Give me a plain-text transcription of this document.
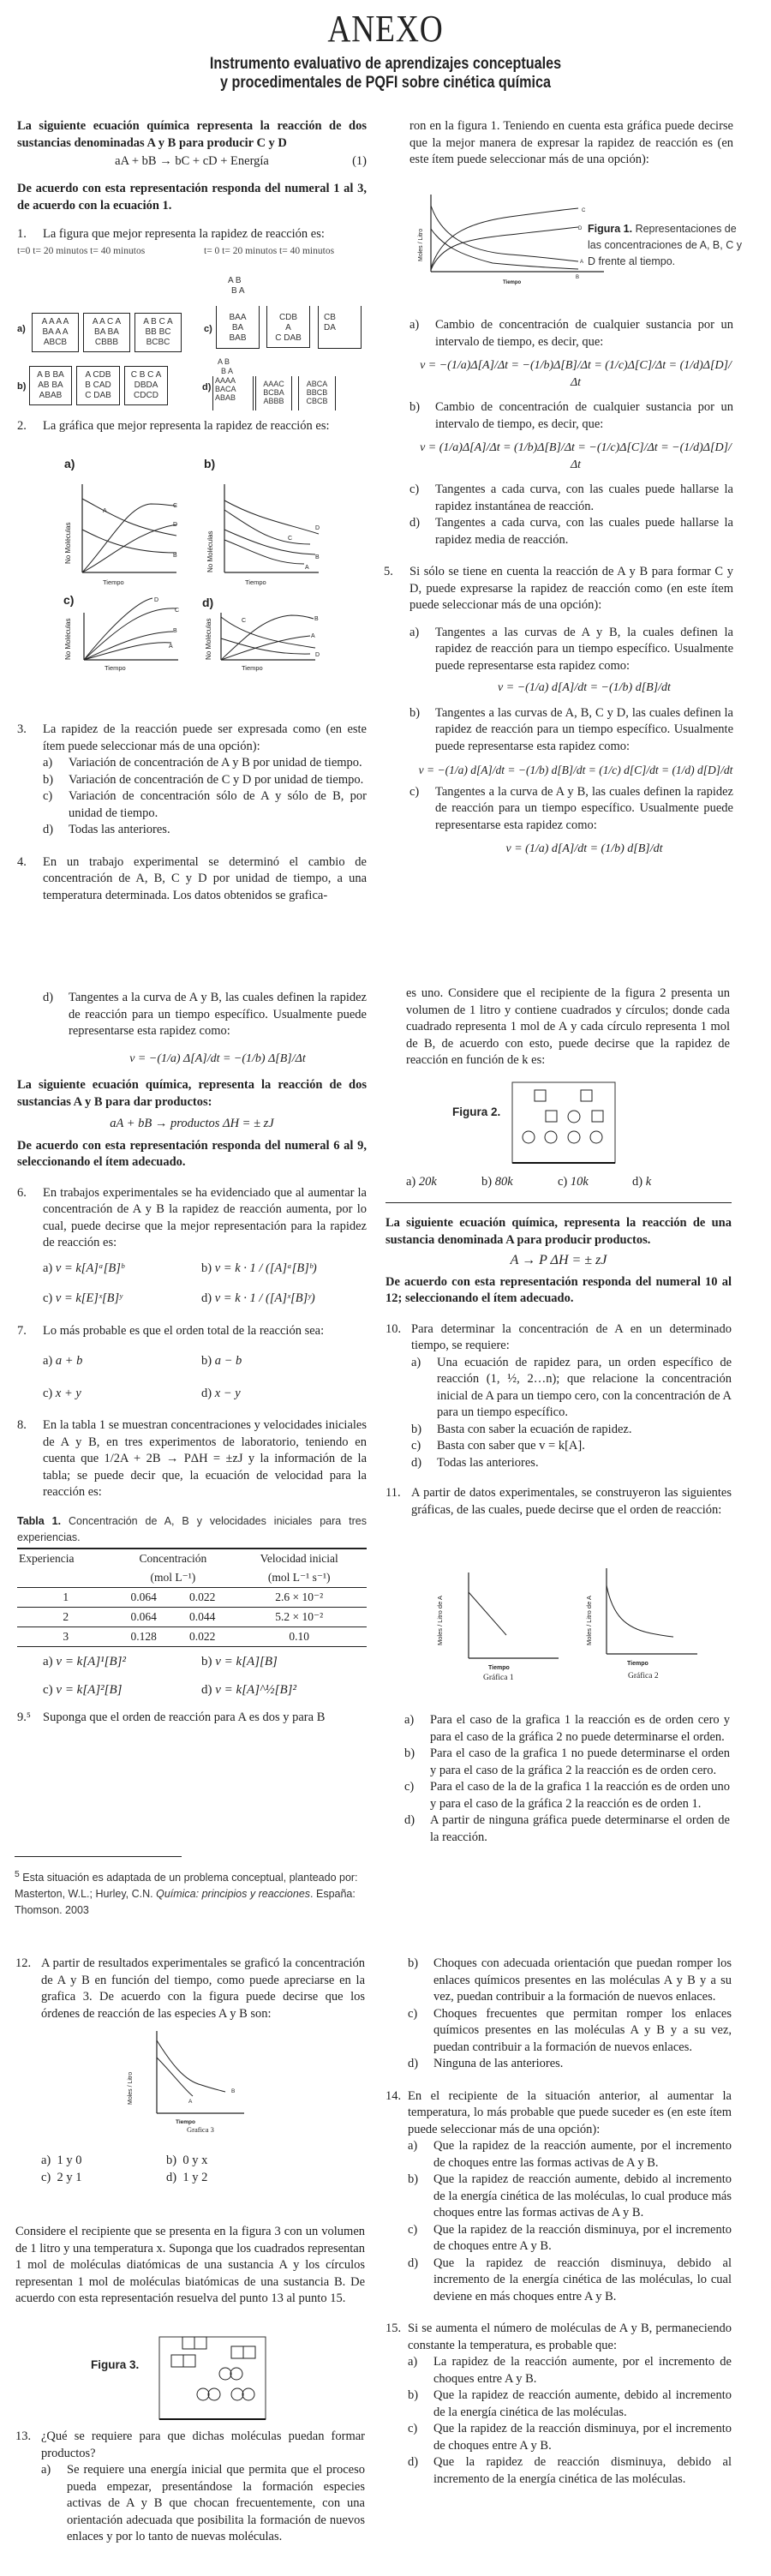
ANEXO
Instrumento evaluativo de aprendizajes conceptuales
y procedimentales de PQFI sobre cinética química

La siguiente ecuación química representa la reacción de dos sustancias denominadas A y B para producir C y D

aA + bB → bC + cD + Energía	(1)

De acuerdo con esta representación responda del numeral 1 al 3, de acuerdo con la ecuación 1.

1. La figura que mejor representa la rapidez de reacción es:
t=0 t= 20 minutos t= 40 minutos	t= 0 t= 20 minutos t= 40 minutos
a)
A A A A
BA A A
ABCB
A A C A
BA BA
CBBB
A B C A
BB BC
BCBC
b)
A B BA
AB BA
ABAB
A CDB
B CAD
C DAB
C B C A
DBDA
CDCD
A B
B A
c)
BAA
BA
BAB
CDB
A
C DAB
CB
DA
A B
B A
d)
AAAA
BACA
ABAB
AAAC
BCBA
ABBB
ABCA
BBCB
CBCB
2. La gráfica que mejor representa la rapidez de reacción es:
a)
A
C
D
B
Tiempo
No Moléculas
b)
D
C
B
A
Tiempo
No Moléculas
c)	D
C
B
A
Tiempo
No Moléculas
d)
C	B
A
D
Tiempo
No Moléculas
3. La rapidez de la reacción puede ser expresada como (en este ítem puede seleccionar más de una opción):
a) Variación de concentración de A y B por unidad de tiempo.
b) Variación de concentración de C y D por unidad de tiempo.
c) Variación de concentración sólo de A y sólo de B, por unidad de tiempo.
d) Todas las anteriores.
4. En un trabajo experimental se determinó el cambio de concentración de A, B, C y D por unidad de tiempo, a una temperatura determinada. Los datos obtenidos se grafica-

ron en la figura 1. Teniendo en cuenta esta gráfica puede decirse que la mejor manera de expresar la rapidez de reacción es (en este ítem puede seleccionar más de una opción):

C
D
A
B
Tiempo
Moles / Litro	Figura 1. Representaciones de las concentraciones de A, B, C y D frente al tiempo.
a) Cambio de concentración de cualquier sustancia por un intervalo de tiempo, es decir, que:
v = −(1/a)Δ[A]/Δt = −(1/b)Δ[B]/Δt = (1/c)Δ[C]/Δt = (1/d)Δ[D]/Δt
b) Cambio de concentración de cualquier sustancia por un intervalo de tiempo, es decir, que:
v = (1/a)Δ[A]/Δt = (1/b)Δ[B]/Δt = −(1/c)Δ[C]/Δt = −(1/d)Δ[D]/Δt
c) Tangentes a cada curva, con las cuales puede hallarse la rapidez instantánea de reacción.
d) Tangentes a cada curva, con las cuales puede hallarse la rapidez media de reacción.
5. Si sólo se tiene en cuenta la reacción de A y B para formar C y D, puede expresarse la rapidez de reacción como (en este ítem puede seleccionar más de una opción):
a) Tangentes a las curvas de A y B, la cuales definen la rapidez de reacción para un tiempo específico. Usualmente puede representarse esta rapidez como:
v = −(1/a) d[A]/dt = −(1/b) d[B]/dt
b) Tangentes a las curvas de A, B, C y D, las cuales definen la rapidez de reacción para un tiempo específico. Usualmente puede representarse esta rapidez como:
v = −(1/a) d[A]/dt = −(1/b) d[B]/dt = (1/c) d[C]/dt = (1/d) d[D]/dt
c) Tangentes a la curva de A y B, las cuales definen la rapidez de reacción para un tiempo específico. Usualmente puede representarse esta rapidez como:
v = (1/a) d[A]/dt = (1/b) d[B]/dt
d) Tangentes a la curva de A y B, las cuales definen la rapidez de reacción para un tiempo específico. Usualmente puede representarse esta rapidez como:
v = −(1/a) Δ[A]/dt = −(1/b) Δ[B]/Δt

La siguiente ecuación química, representa la reacción de dos sustancias A y B para dar productos:

aA + bB → productos ΔH = ± zJ

De acuerdo con esta representación responda del numeral 6 al 9, seleccionando el ítem adecuado.

6. En trabajos experimentales se ha evidenciado que al aumentar la concentración de A y B la rapidez de reacción aumenta, por lo cual, puede decirse que la mejor representación para la rapidez de reacción es:
a) v = k[A]ᵃ[B]ᵇ	b) v = k · 1 / ([A]ᵃ[B]ᵇ)
c) v = k[E]ˣ[B]ʸ	d) v = k · 1 / ([A]ˣ[B]ʸ)
7. Lo más probable es que el orden total de la reacción sea:
a) a + b	b) a − b
c) x + y	d) x − y
8. En la tabla 1 se muestran concentraciones y velocidades iniciales de A y B, en tres experimentos de laboratorio, teniendo en cuenta que 1/2A + 2B → PΔH = ±zJ y la información de la tabla; se puede decir que, la ecuación de velocidad para la reacción es:
Tabla 1. Concentración de A, B y velocidades iniciales para tres experiencias.
Experiencia	Concentración		Velocidad inicial
	(mol L⁻¹)		(mol L⁻¹ s⁻¹)
1	0.064	0.022	2.6 × 10⁻²
2	0.064	0.044	5.2 × 10⁻²
3	0.128	0.022	0.10
a) v = k[A]¹[B]²	b) v = k[A][B]
c) v = k[A]²[B]	d) v = k[A]^½[B]²
9.⁵ Suponga que el orden de reacción para A es dos y para B
$^5$ Esta situación es adaptada de un problema conceptual, planteado por: Masterton, W.L.; Hurley, C.N. Química: principios y reacciones. España: Thomson. 2003

es uno. Considere que el recipiente de la figura 2 presenta un volumen de 1 litro y contiene cuadrados y círculos; donde cada cuadrado representa 1 mol de A y cada círculo representa 1 mol de B, de acuerdo con esto, puede decirse que la rapidez de reacción en función de k es:

Figura 2.
a) 20k	b) 80k	c) 10k	d) k

La siguiente ecuación química, representa la reacción de una sustancia denominada A para producir productos.

A → P ΔH = ± zJ

De acuerdo con esta representación responda del numeral 10 al 12; seleccionando el ítem adecuado.

10. Para determinar la concentración de A en un determinado tiempo, se requiere:
a) Una ecuación de rapidez para, un orden específico de reacción (1, ½, 2…n); que relacione la concentración inicial de A para un tiempo cero, con la concentración de A para un tiempo específico.
b) Basta con saber la ecuación de rapidez.
c) Basta con saber que v = k[A].
d) Todas las anteriores.
11. A partir de datos experimentales, se construyeron las siguientes gráficas, de las cuales, puede decirse que el orden de reacción:
Tiempo
Gráfica 1
Moles / Litro de A
Tiempo
Gráfica 2
Moles / Litro de A
a) Para el caso de la grafica 1 la reacción es de orden cero y para el caso de la gráfica 2 no puede determinarse el orden.
b) Para el caso de la grafica 1 no puede determinarse el orden y para el caso de la gráfica 2 la reacción es de orden cero.
c) Para el caso de la de la grafica 1 la reacción es de orden uno y para el caso de la gráfica 2 la reacción es de orden 1.
d) A partir de ninguna gráfica puede determinarse el orden de la reacción.
12. A partir de resultados experimentales se graficó la concentración de A y B en función del tiempo, como puede apreciarse en la grafica 3. De acuerdo con la figura puede decirse que los órdenes de reacción de las especies A y B son:
A
B
Tiempo
Grafica 3
Moles / Litro
a) 1 y 0	b) 0 y x
c) 2 y 1	d) 1 y 2

Considere el recipiente que se presenta en la figura 3 con un volumen de 1 litro y una temperatura x. Suponga que los cuadrados representan 1 mol de moléculas diatómicas de una sustancia A y los círculos representan 1 mol de moléculas biatómicas de una sustancia B. De acuerdo con esta representación resuelva del punto 13 al punto 15.

Figura 3.
13. ¿Qué se requiere para que dichas moléculas puedan formar productos?
a) Se requiere una energía inicial que permita que el proceso pueda empezar, presentándose la formación especies activas de A y B que chocan frecuentemente, con una orientación adecuada que posibilita la formación de nuevos enlaces y por lo tanto de nuevas moléculas.
b) Choques con adecuada orientación que puedan romper los enlaces químicos presentes en las moléculas A y B y a su vez, puedan contribuir a la formación de nuevos enlaces.
c) Choques frecuentes que permitan romper los enlaces químicos presentes en las moléculas A y B y a su vez, puedan contribuir a la formación de nuevos enlaces.
d) Ninguna de las anteriores.
14. En el recipiente de la situación anterior, al aumentar la temperatura, lo más probable que puede suceder es (en este ítem puede seleccionar más de una opción):
a) Que la rapidez de la reacción aumente, por el incremento de choques entre las formas activas de A y B.
b) Que la rapidez de reacción aumente, debido al incremento de la energía cinética de las moléculas, lo cual produce más choques entre las formas activas de A y B.
c) Que la rapidez de la reacción disminuya, por el incremento de choques entre A y B.
d) Que la rapidez de reacción disminuya, debido al incremento de la energía cinética de las moléculas, lo cual deviene en más choques entre A y B.
15. Si se aumenta el número de moléculas de A y B, permaneciendo constante la temperatura, es probable que:
a) La rapidez de la reacción aumente, por el incremento de choques entre A y B.
b) Que la rapidez de reacción aumente, debido al incremento de la energía cinética de las moléculas.
c) Que la rapidez de la reacción disminuya, por el incremento de choques entre A y B.
d) Que la rapidez de reacción disminuya, debido al incremento de la energía cinética de las moléculas.
